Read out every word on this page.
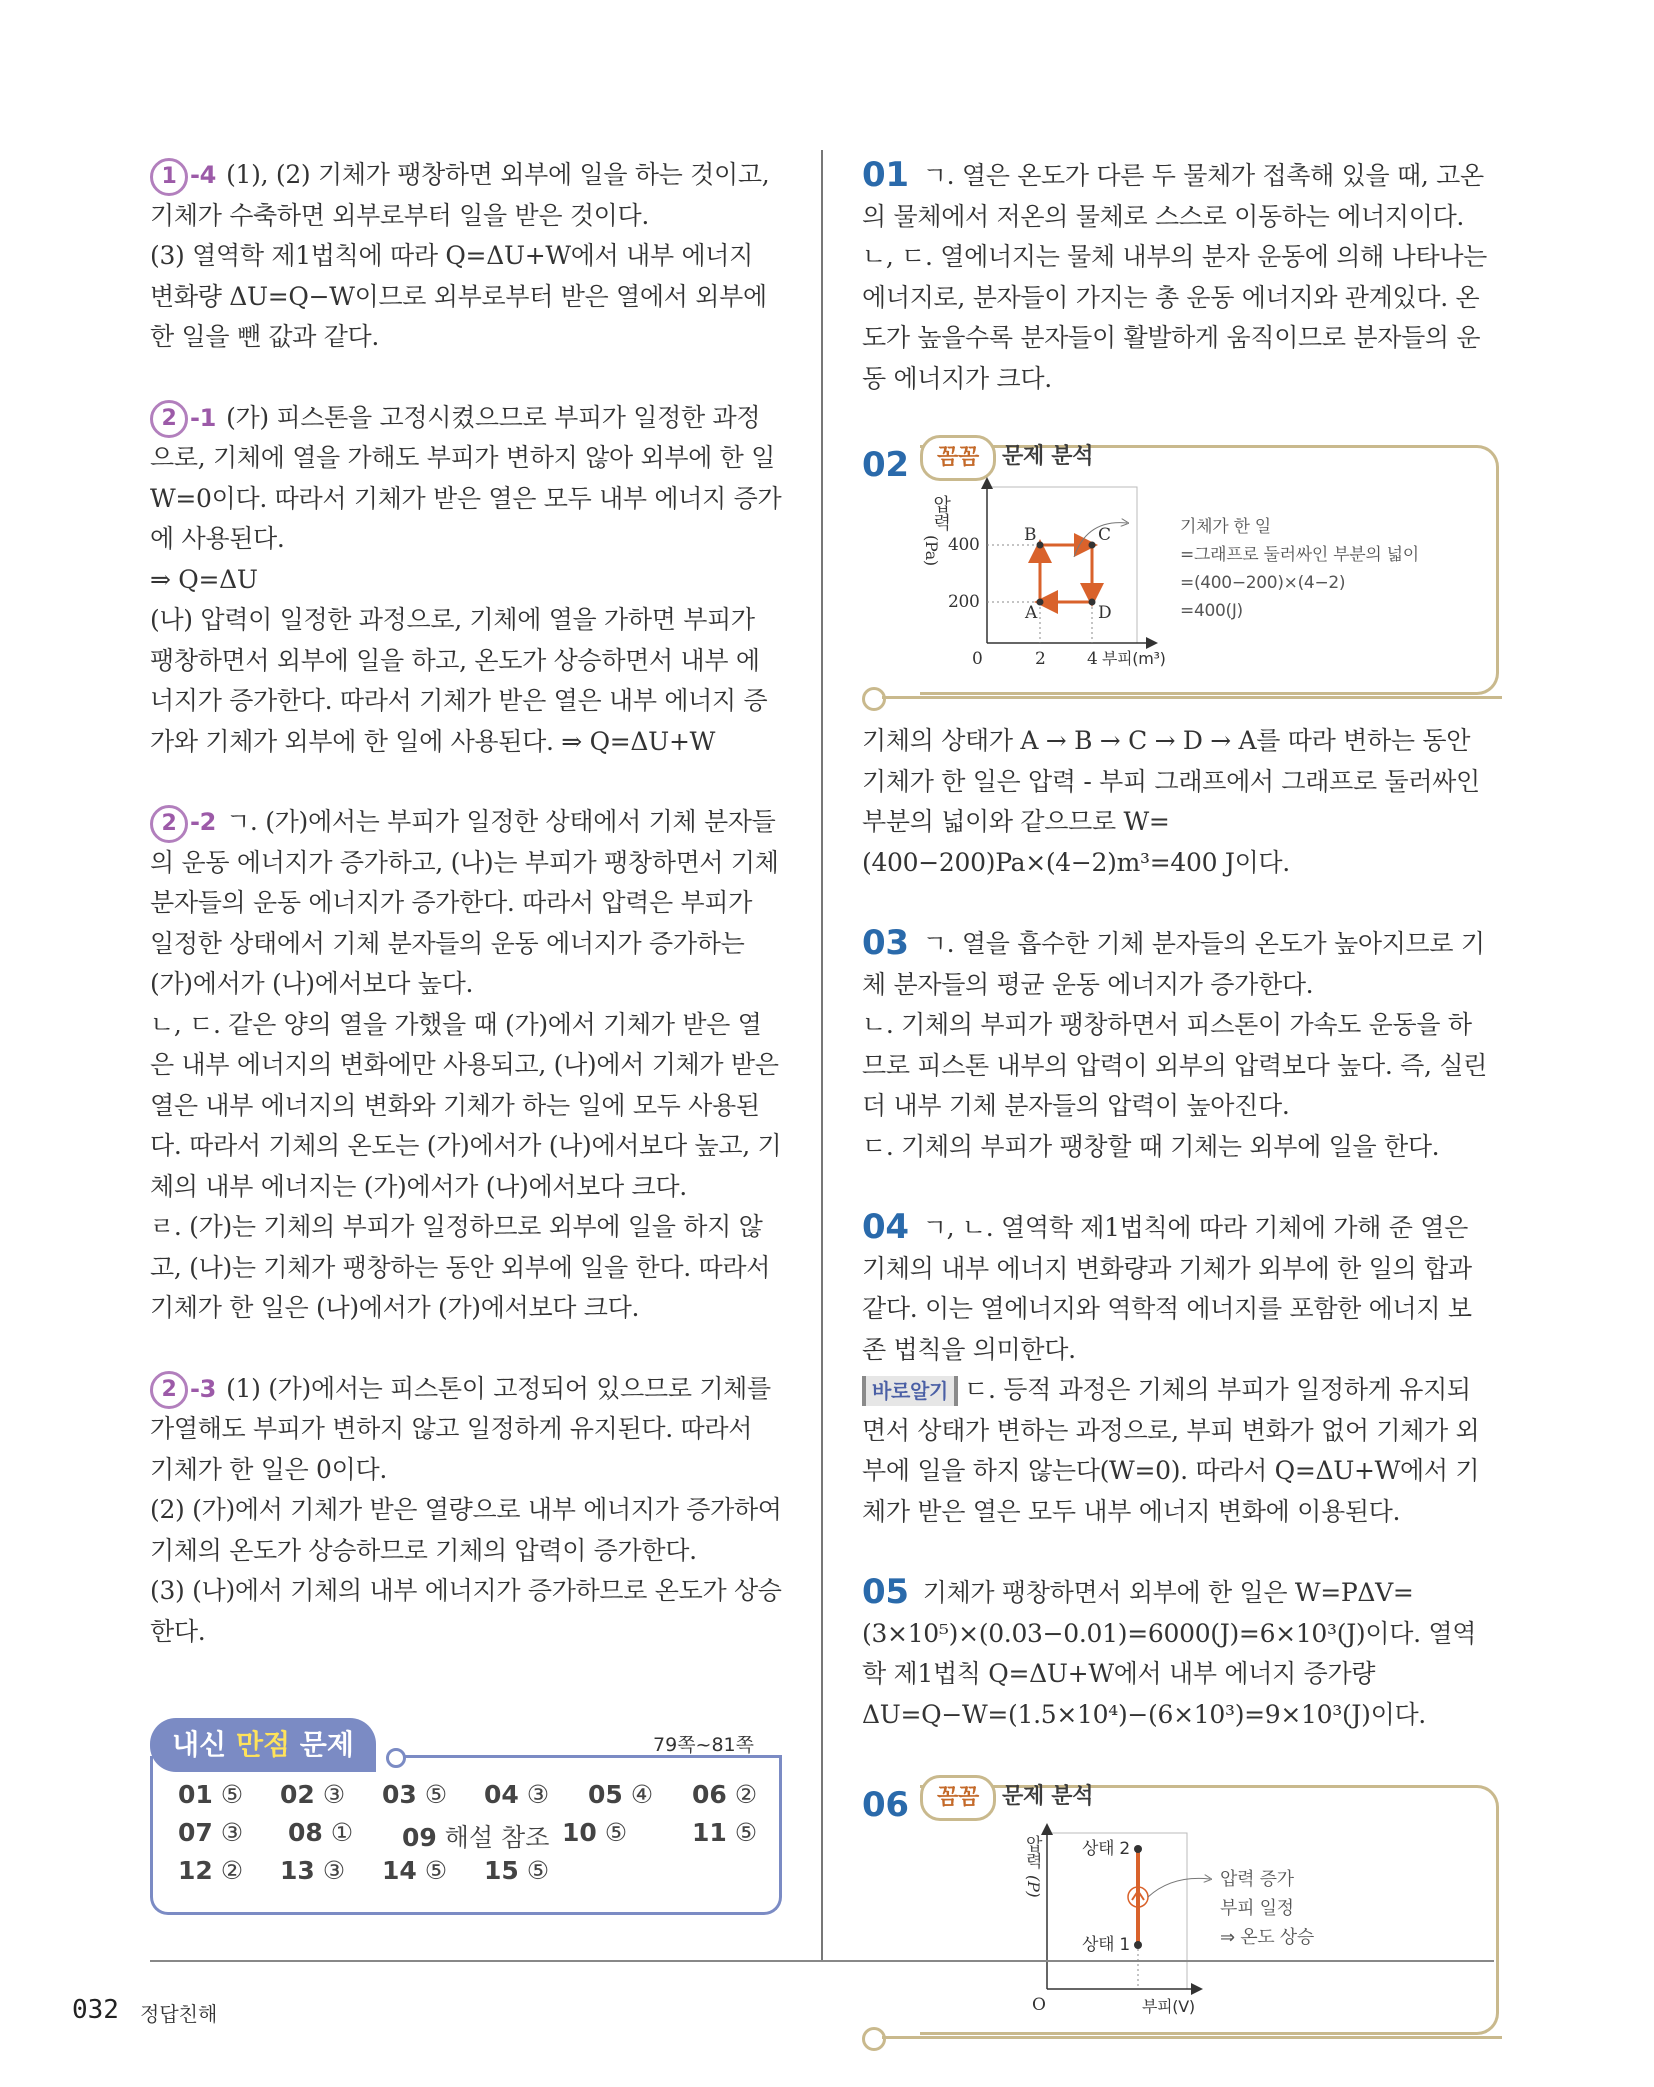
1 -4 (1), (2) 기체가 팽창하면 외부에 일을 하는 것이고, 기체가 수축하면 외부로부터 일을 받은 것이다.

(3) 열역학 제1법칙에 따라 Q=ΔU+W에서 내부 에너지 변화량 ΔU=Q−W이므로 외부로부터 받은 열에서 외부에 한 일을 뺀 값과 같다.

2 -1 (가) 피스톤을 고정시켰으므로 부피가 일정한 과정으로, 기체에 열을 가해도 부피가 변하지 않아 외부에 한 일 W=0이다. 따라서 기체가 받은 열은 모두 내부 에너지 증가에 사용된다.

⇒ Q=ΔU

(나) 압력이 일정한 과정으로, 기체에 열을 가하면 부피가 팽창하면서 외부에 일을 하고, 온도가 상승하면서 내부 에너지가 증가한다. 따라서 기체가 받은 열은 내부 에너지 증가와 기체가 외부에 한 일에 사용된다. ⇒ Q=ΔU+W

2 -2 ㄱ. (가)에서는 부피가 일정한 상태에서 기체 분자들의 운동 에너지가 증가하고, (나)는 부피가 팽창하면서 기체 분자들의 운동 에너지가 증가한다. 따라서 압력은 부피가 일정한 상태에서 기체 분자들의 운동 에너지가 증가하는 (가)에서가 (나)에서보다 높다.

ㄴ, ㄷ. 같은 양의 열을 가했을 때 (가)에서 기체가 받은 열은 내부 에너지의 변화에만 사용되고, (나)에서 기체가 받은 열은 내부 에너지의 변화와 기체가 하는 일에 모두 사용된다. 따라서 기체의 온도는 (가)에서가 (나)에서보다 높고, 기체의 내부 에너지는 (가)에서가 (나)에서보다 크다.

ㄹ. (가)는 기체의 부피가 일정하므로 외부에 일을 하지 않고, (나)는 기체가 팽창하는 동안 외부에 일을 한다. 따라서 기체가 한 일은 (나)에서가 (가)에서보다 크다.

2 -3 (1) (가)에서는 피스톤이 고정되어 있으므로 기체를 가열해도 부피가 변하지 않고 일정하게 유지된다. 따라서 기체가 한 일은 0이다.

(2) (가)에서 기체가 받은 열량으로 내부 에너지가 증가하여 기체의 온도가 상승하므로 기체의 압력이 증가한다.

(3) (나)에서 기체의 내부 에너지가 증가하므로 온도가 상승한다.

내신 만점 문제	79쪽~81쪽
01 ⑤ 02 ③ 03 ⑤ 04 ③ 05 ④ 06 ②
07 ③ 08 ① 09 해설 참조 10 ⑤	11 ⑤
12 ② 13 ③ 14 ⑤ 15 ⑤

01 ㄱ. 열은 온도가 다른 두 물체가 접촉해 있을 때, 고온의 물체에서 저온의 물체로 스스로 이동하는 에너지이다.

ㄴ, ㄷ. 열에너지는 물체 내부의 분자 운동에 의해 나타나는 에너지로, 분자들이 가지는 총 운동 에너지와 관계있다. 온도가 높을수록 분자들이 활발하게 움직이므로 분자들의 운동 에너지가 크다.

02	꼼꼼	문제 분석
압력
(Pa) 400
200
0	2 4 부피(m³)
A
B	C
D
기체가 한 일
=그래프로 둘러싸인 부분의 넓이
=(400−200)×(4−2)
=400(J)

기체의 상태가 A → B → C → D → A를 따라 변하는 동안 기체가 한 일은 압력 - 부피 그래프에서 그래프로 둘러싸인 부분의 넓이와 같으므로 W=(400−200)Pa×(4−2)m³=400 J이다.

03 ㄱ. 열을 흡수한 기체 분자들의 온도가 높아지므로 기체 분자들의 평균 운동 에너지가 증가한다.

ㄴ. 기체의 부피가 팽창하면서 피스톤이 가속도 운동을 하므로 피스톤 내부의 압력이 외부의 압력보다 높다. 즉, 실린더 내부 기체 분자들의 압력이 높아진다.

ㄷ. 기체의 부피가 팽창할 때 기체는 외부에 일을 한다.

04 ㄱ, ㄴ. 열역학 제1법칙에 따라 기체에 가해 준 열은 기체의 내부 에너지 변화량과 기체가 외부에 한 일의 합과 같다. 이는 열에너지와 역학적 에너지를 포함한 에너지 보존 법칙을 의미한다.

바로알기 ㄷ. 등적 과정은 기체의 부피가 일정하게 유지되면서 상태가 변하는 과정으로, 부피 변화가 없어 기체가 외부에 일을 하지 않는다(W=0). 따라서 Q=ΔU+W에서 기체가 받은 열은 모두 내부 에너지 변화에 이용된다.

05 기체가 팽창하면서 외부에 한 일은 W=PΔV=(3×10⁵)×(0.03−0.01)=6000(J)=6×10³(J)이다. 열역학 제1법칙 Q=ΔU+W에서 내부 에너지 증가량 ΔU=Q−W=(1.5×10⁴)−(6×10³)=9×10³(J)이다.

06	꼼꼼	문제 분석
압력
(P)
상태 2
상태 1
O	부피(V)
압력 증가
부피 일정
⇒ 온도 상승
032 정답친해
